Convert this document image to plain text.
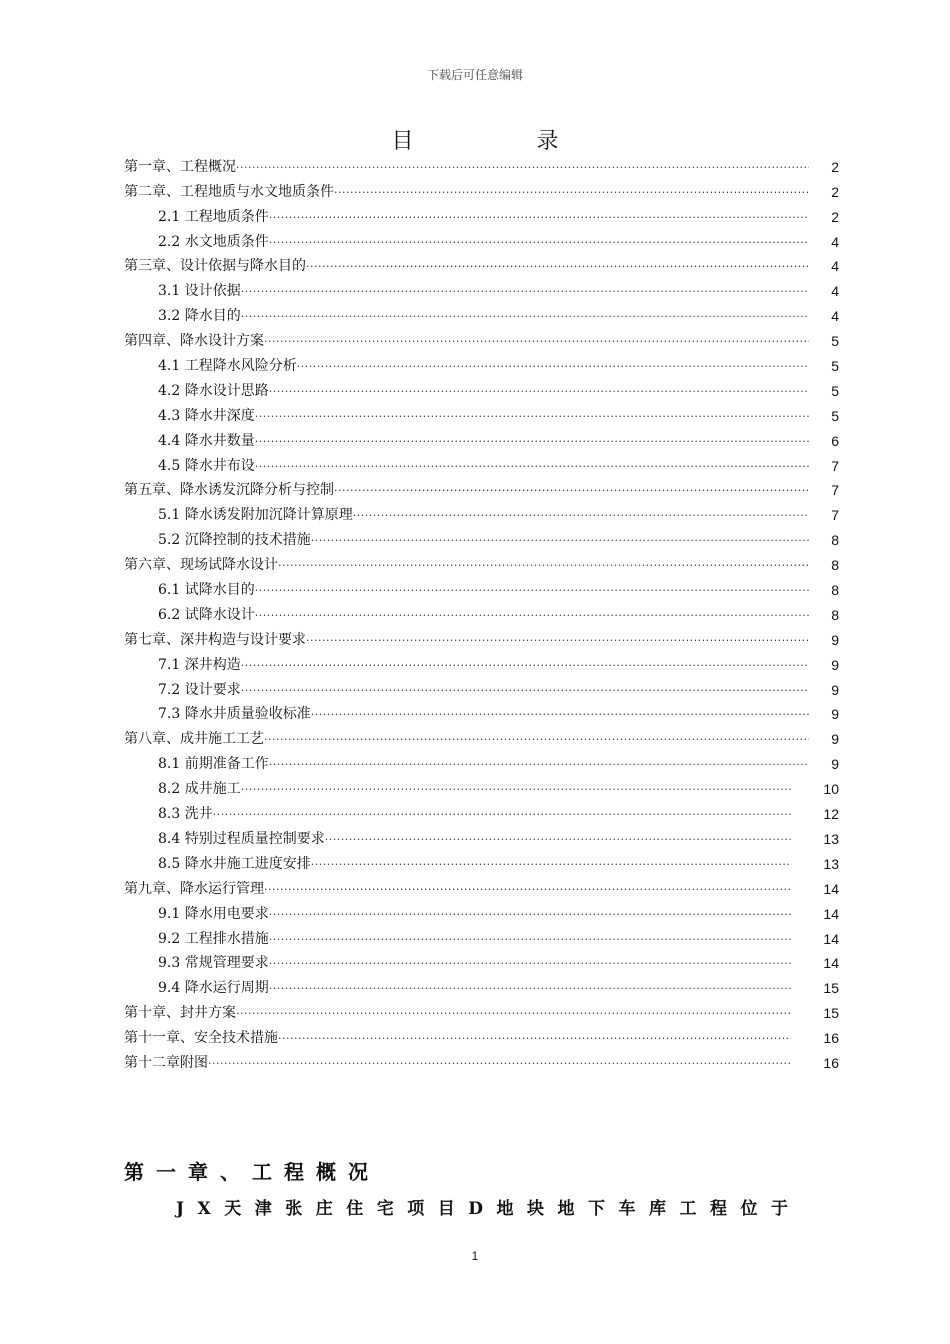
下载后可任意编辑
目 录
第一章、工程概况 .....	2
第二章、工程地质与水文地质条件 .....	2
2.1 工程地质条件 .....	2
2.2 水文地质条件 .....	4
第三章、设计依据与降水目的 .....	4
3.1 设计依据 .....	4
3.2 降水目的 .....	4
第四章、降水设计方案 .....	5
4.1 工程降水风险分析 .....	5
4.2 降水设计思路 .....	5
4.3 降水井深度 .....	5
4.4 降水井数量 .....	6
4.5 降水井布设 .....	7
第五章、降水诱发沉降分析与控制 .....	7
5.1 降水诱发附加沉降计算原理 .....	7
5.2 沉降控制的技术措施 .....	8
第六章、现场试降水设计 .....	8
6.1 试降水目的 .....	8
6.2 试降水设计 .....	8
第七章、深井构造与设计要求 .....	9
7.1 深井构造 .....	9
7.2 设计要求 .....	9
7.3 降水井质量验收标准 .....	9
第八章、成井施工工艺 .....	9
8.1 前期准备工作 .....	9
8.2 成井施工 .....	10
8.3 洗井 .....	12
8.4 特别过程质量控制要求 .....	13
8.5 降水井施工进度安排 .....	13
第九章、降水运行管理 .....	14
9.1 降水用电要求 .....	14
9.2 工程排水措施 .....	14
9.3 常规管理要求 .....	14
9.4 降水运行周期 .....	15
第十章、封井方案 .....	15
第十一章、安全技术措施 .....	16
第十二章附图 .....	16
第一章、工程概况
JX天津张庄住宅项目D地块地下车库工程位于
1
